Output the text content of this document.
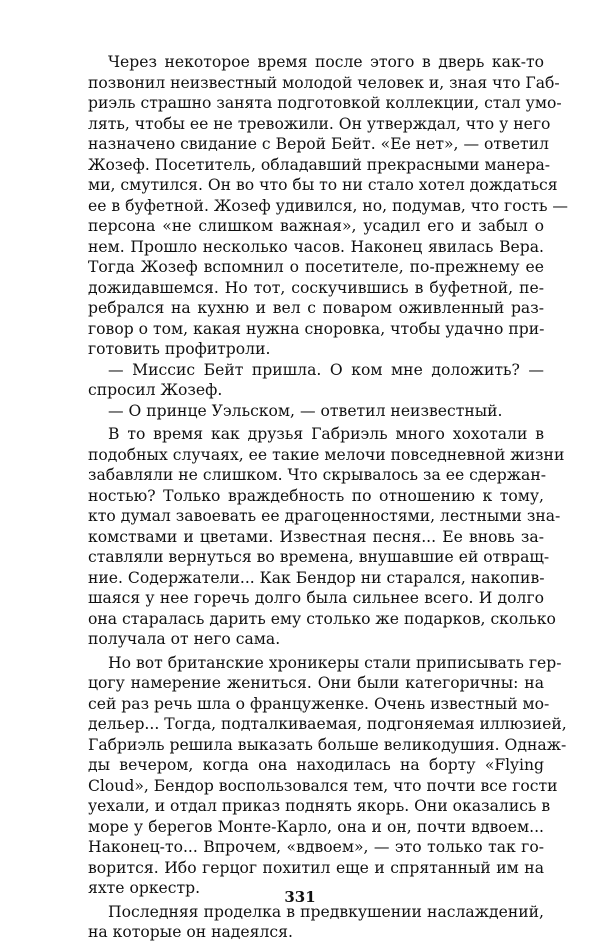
Через некоторое время после этого в дверь как-то
позвонил неизвестный молодой человек и, зная что Габ-
риэль страшно занята подготовкой коллекции, стал умо-
лять, чтобы ее не тревожили. Он утверждал, что у него
назначено свидание с Верой Бейт. «Ее нет», — ответил
Жозеф. Посетитель, обладавший прекрасными манера-
ми, смутился. Он во что бы то ни стало хотел дождаться
ее в буфетной. Жозеф удивился, но, подумав, что гость —
персона «не слишком важная», усадил его и забыл о
нем. Прошло несколько часов. Наконец явилась Вера.
Тогда Жозеф вспомнил о посетителе, по-прежнему ее
дожидавшемся. Но тот, соскучившись в буфетной, пе-
ребрался на кухню и вел с поваром оживленный раз-
говор о том, какая нужна сноровка, чтобы удачно при-
готовить профитроли.
— Миссис Бейт пришла. О ком мне доложить? —
спросил Жозеф.
— О принце Уэльском, — ответил неизвестный.
В то время как друзья Габриэль много хохотали в
подобных случаях, ее такие мелочи повседневной жизни
забавляли не слишком. Что скрывалось за ее сдержан-
ностью? Только враждебность по отношению к тому,
кто думал завоевать ее драгоценностями, лестными зна-
комствами и цветами. Известная песня... Ее вновь за-
ставляли вернуться во времена, внушавшие ей отвращ-
ние. Содержатели... Как Бендор ни старался, накопив-
шаяся у нее горечь долго была сильнее всего. И долго
она старалась дарить ему столько же подарков, сколько
получала от него сама.
Но вот британские хроникеры стали приписывать гер-
цогу намерение жениться. Они были категоричны: на
сей раз речь шла о француженке. Очень известный мо-
дельер... Тогда, подталкиваемая, подгоняемая иллюзией,
Габриэль решила выказать больше великодушия. Однаж-
ды вечером, когда она находилась на борту «Flying
Cloud», Бендор воспользовался тем, что почти все гости
уехали, и отдал приказ поднять якорь. Они оказались в
море у берегов Монте-Карло, она и он, почти вдвоем...
Наконец-то... Впрочем, «вдвоем», — это только так го-
ворится. Ибо герцог похитил еще и спрятанный им на
яхте оркестр.
Последняя проделка в предвкушении наслаждений,
на которые он надеялся.
331
